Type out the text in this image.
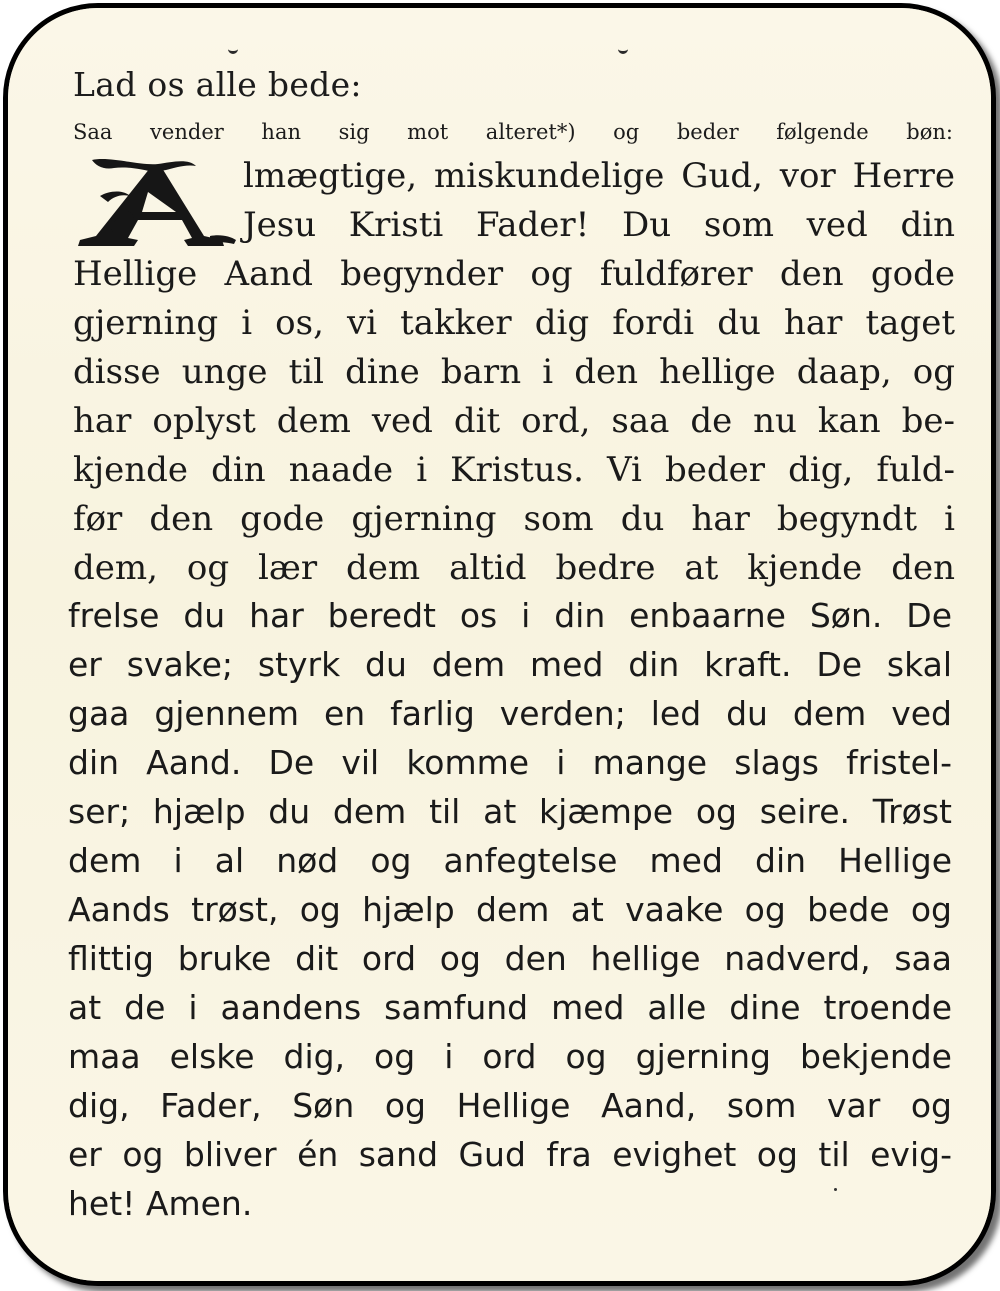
Lad os alle bede:

Saa vender han sig mot alteret*) og beder følgende bøn:

lmægtige, miskundelige Gud, vor Herre

Jesu Kristi Fader! Du som ved din

Hellige Aand begynder og fuldfører den gode

gjerning i os, vi takker dig fordi du har taget

disse unge til dine barn i den hellige daap, og

har oplyst dem ved dit ord, saa de nu kan be-

kjende din naade i Kristus. Vi beder dig, fuld-

før den gode gjerning som du har begyndt i

dem, og lær dem altid bedre at kjende den

frelse du har beredt os i din enbaarne Søn. De

er svake; styrk du dem med din kraft. De skal

gaa gjennem en farlig verden; led du dem ved

din Aand. De vil komme i mange slags fristel-

ser; hjælp du dem til at kjæmpe og seire. Trøst

dem i al nød og anfegtelse med din Hellige

Aands trøst, og hjælp dem at vaake og bede og

flittig bruke dit ord og den hellige nadverd, saa

at de i aandens samfund med alle dine troende

maa elske dig, og i ord og gjerning bekjende

dig, Fader, Søn og Hellige Aand, som var og

er og bliver én sand Gud fra evighet og til evig-

het! Amen.
